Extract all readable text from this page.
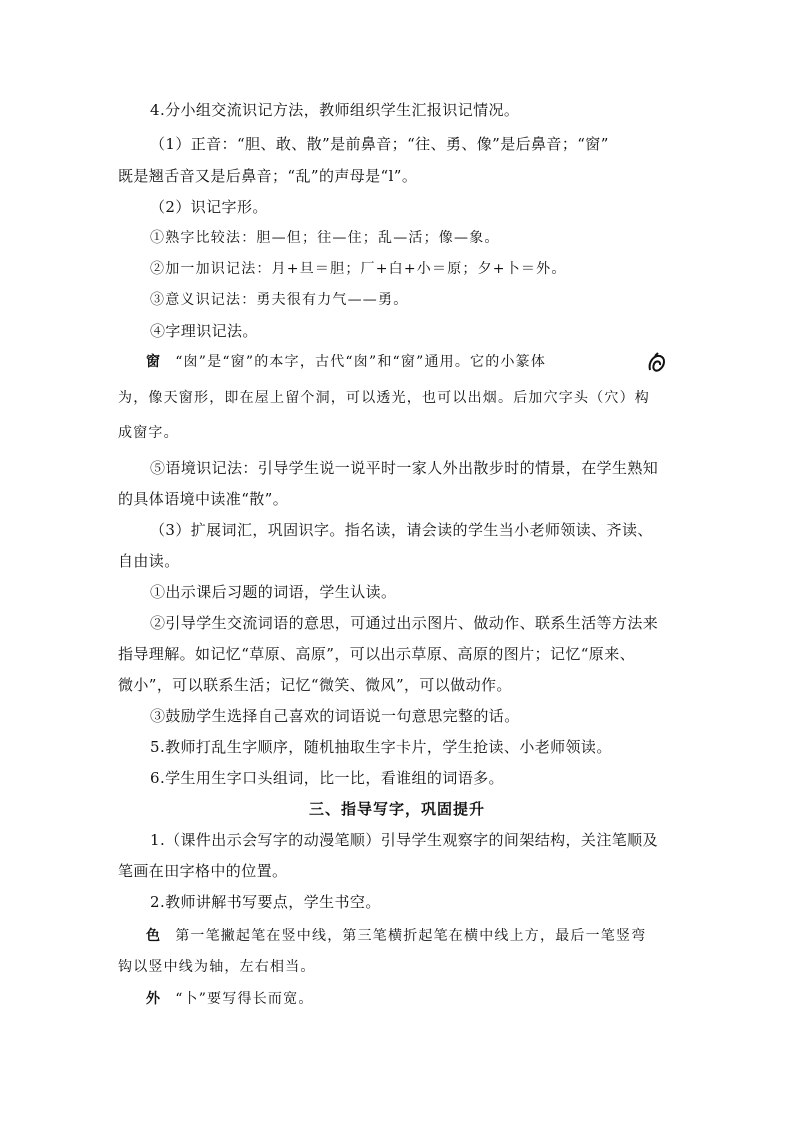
4.分小组交流识记方法，教师组织学生汇报识记情况。
（1）正音：“胆、敢、散”是前鼻音；“往、勇、像”是后鼻音；“窗”
既是翘舌音又是后鼻音；“乱”的声母是“l”。
（2）识记字形。
①熟字比较法：胆—但；往—住；乱—活；像—象。
②加一加识记法：月+旦＝胆；厂+白+小＝原；夕+卜＝外。
③意义识记法：勇夫很有力气——勇。
④字理识记法。
窗 “囱”是“窗”的本字，古代“囱”和“窗”通用。它的小篆体
为，像天窗形，即在屋上留个洞，可以透光，也可以出烟。后加穴字头（穴）构
成窗字。
⑤语境识记法：引导学生说一说平时一家人外出散步时的情景，在学生熟知
的具体语境中读准“散”。
（3）扩展词汇，巩固识字。指名读，请会读的学生当小老师领读、齐读、
自由读。
①出示课后习题的词语，学生认读。
②引导学生交流词语的意思，可通过出示图片、做动作、联系生活等方法来
指导理解。如记忆“草原、高原”，可以出示草原、高原的图片；记忆“原来、
微小”，可以联系生活；记忆“微笑、微风”，可以做动作。
③鼓励学生选择自己喜欢的词语说一句意思完整的话。
5.教师打乱生字顺序，随机抽取生字卡片，学生抢读、小老师领读。
6.学生用生字口头组词，比一比，看谁组的词语多。
三、指导写字，巩固提升
1.（课件出示会写字的动漫笔顺）引导学生观察字的间架结构，关注笔顺及
笔画在田字格中的位置。
2.教师讲解书写要点，学生书空。
色 第一笔撇起笔在竖中线，第三笔横折起笔在横中线上方，最后一笔竖弯
钩以竖中线为轴，左右相当。
外 “卜”要写得长而宽。
